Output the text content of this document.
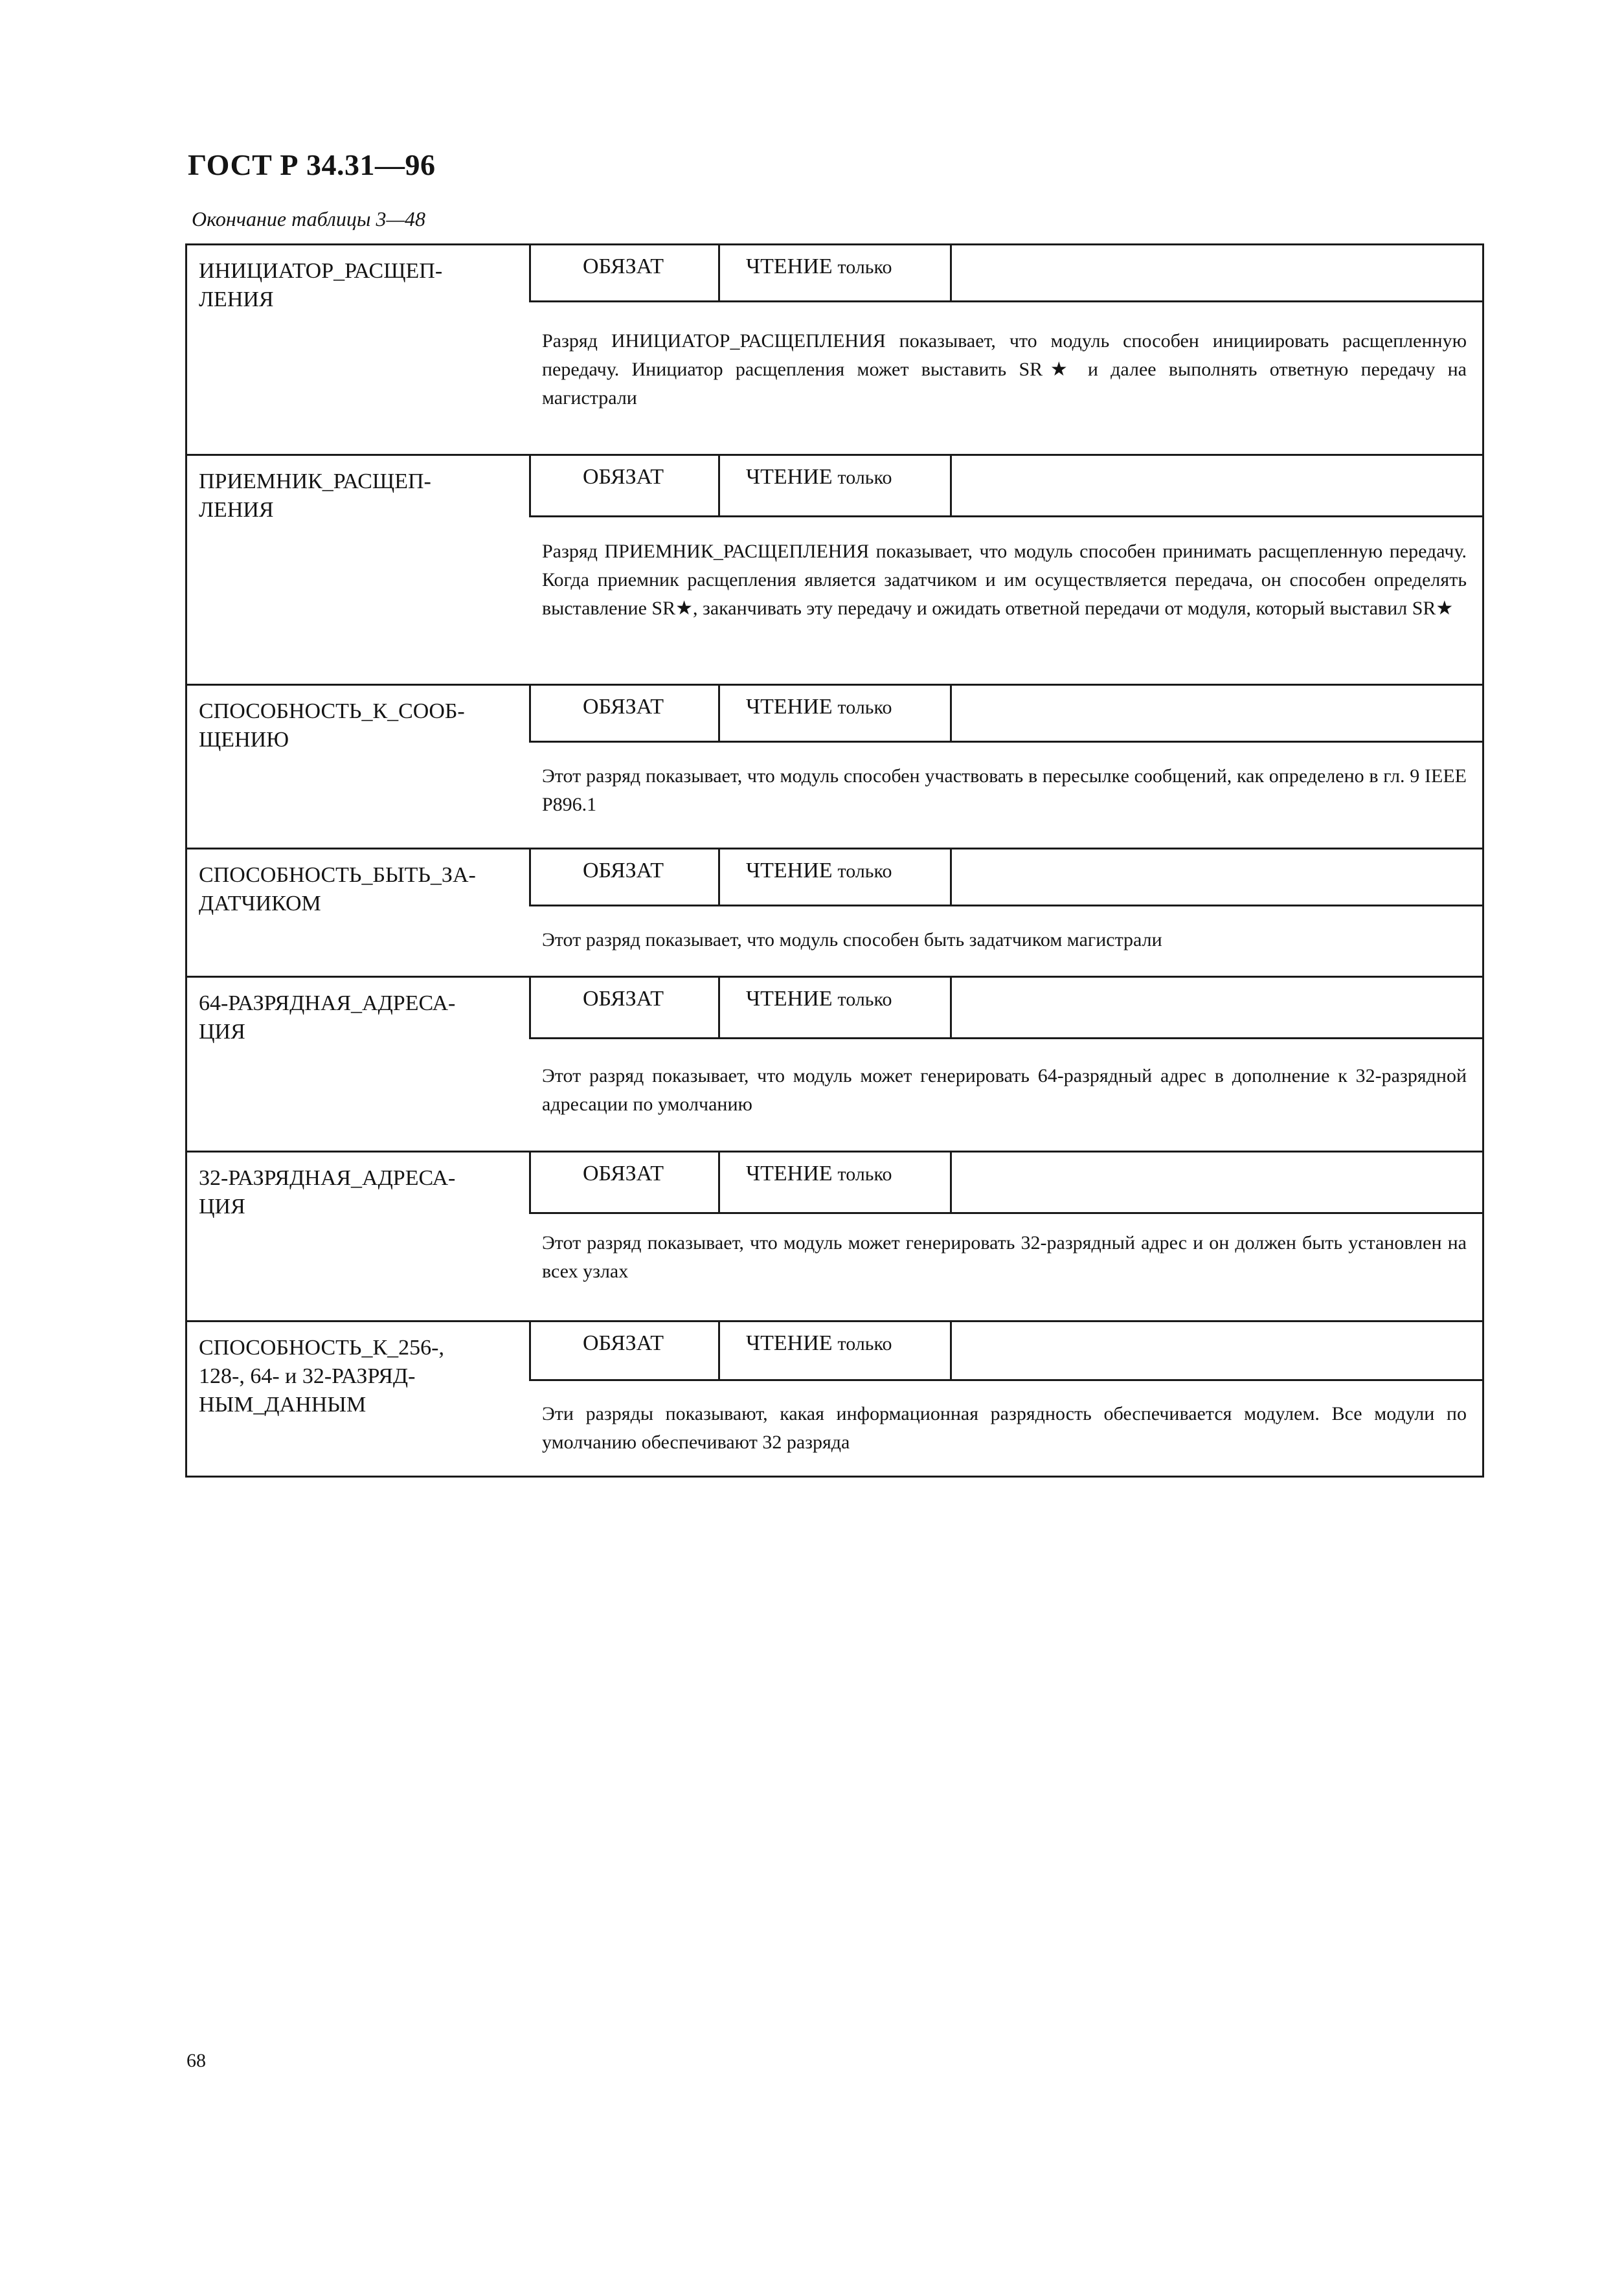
ГОСТ Р 34.31—96
Окончание таблицы 3—48
ИНИЦИАТОР_РАСЩЕП-
ЛЕНИЯ
ОБЯЗАТ	ЧТЕНИЕ только
Разряд ИНИЦИАТОР_РАСЩЕПЛЕНИЯ показывает, что модуль способен инициировать расщепленную передачу. Инициатор расщепления может выставить SR★ и далее выполнять ответную передачу на магистрали
ПРИЕМНИК_РАСЩЕП-
ЛЕНИЯ
ОБЯЗАТ	ЧТЕНИЕ только
Разряд ПРИЕМНИК_РАСЩЕПЛЕНИЯ показывает, что модуль способен принимать расщепленную передачу. Когда приемник расщепления является задатчиком и им осуществляется передача, он способен определять выставление SR★, заканчивать эту передачу и ожидать ответной передачи от модуля, который выставил SR★
СПОСОБНОСТЬ_К_СООБ-
ЩЕНИЮ
ОБЯЗАТ	ЧТЕНИЕ только
Этот разряд показывает, что модуль способен участвовать в пересылке сообщений, как определено в гл. 9 IEEE P896.1
СПОСОБНОСТЬ_БЫТЬ_ЗА-
ДАТЧИКОМ
ОБЯЗАТ	ЧТЕНИЕ только
Этот разряд показывает, что модуль способен быть задатчиком магистрали
64-РАЗРЯДНАЯ_АДРЕСА-
ЦИЯ
ОБЯЗАТ	ЧТЕНИЕ только
Этот разряд показывает, что модуль может генерировать 64-разрядный адрес в дополнение к 32-разрядной адресации по умолчанию
32-РАЗРЯДНАЯ_АДРЕСА-
ЦИЯ
ОБЯЗАТ	ЧТЕНИЕ только
Этот разряд показывает, что модуль может генерировать 32-разрядный адрес и он должен быть установлен на всех узлах
СПОСОБНОСТЬ_К_256-,
128-, 64- и 32-РАЗРЯД-
НЫМ_ДАННЫМ
ОБЯЗАТ	ЧТЕНИЕ только
Эти разряды показывают, какая информационная разрядность обеспечивается модулем. Все модули по умолчанию обеспечивают 32 разряда
68
